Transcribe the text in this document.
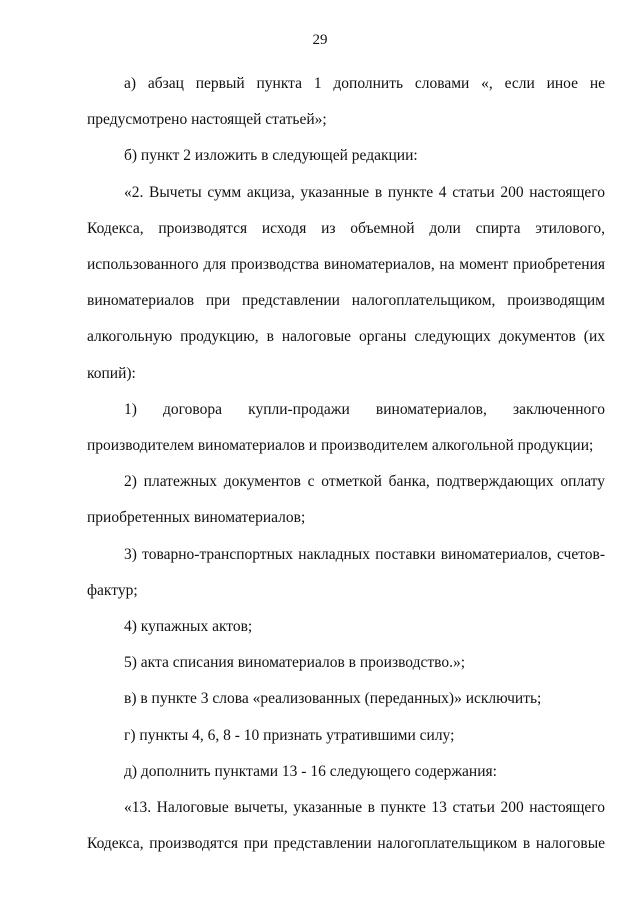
29

а) абзац первый пункта 1 дополнить словами «, если иное не предусмотрено настоящей статьей»;

б) пункт 2 изложить в следующей редакции:

«2. Вычеты сумм акциза, указанные в пункте 4 статьи 200 настоящего Кодекса, производятся исходя из объемной доли спирта этилового, использованного для производства виноматериалов, на момент приобретения виноматериалов при представлении налогоплательщиком, производящим алкогольную продукцию, в налоговые органы следующих документов (их копий):

1) договора купли-продажи виноматериалов, заключенного производителем виноматериалов и производителем алкогольной продукции;

2) платежных документов с отметкой банка, подтверждающих оплату приобретенных виноматериалов;

3) товарно-транспортных накладных поставки виноматериалов, счетов-фактур;

4) купажных актов;

5) акта списания виноматериалов в производство.»;

в) в пункте 3 слова «реализованных (переданных)» исключить;

г) пункты 4, 6, 8 - 10 признать утратившими силу;

д) дополнить пунктами 13 - 16 следующего содержания:

«13. Налоговые вычеты, указанные в пункте 13 статьи 200 настоящего Кодекса, производятся при представлении налогоплательщиком в налоговые
